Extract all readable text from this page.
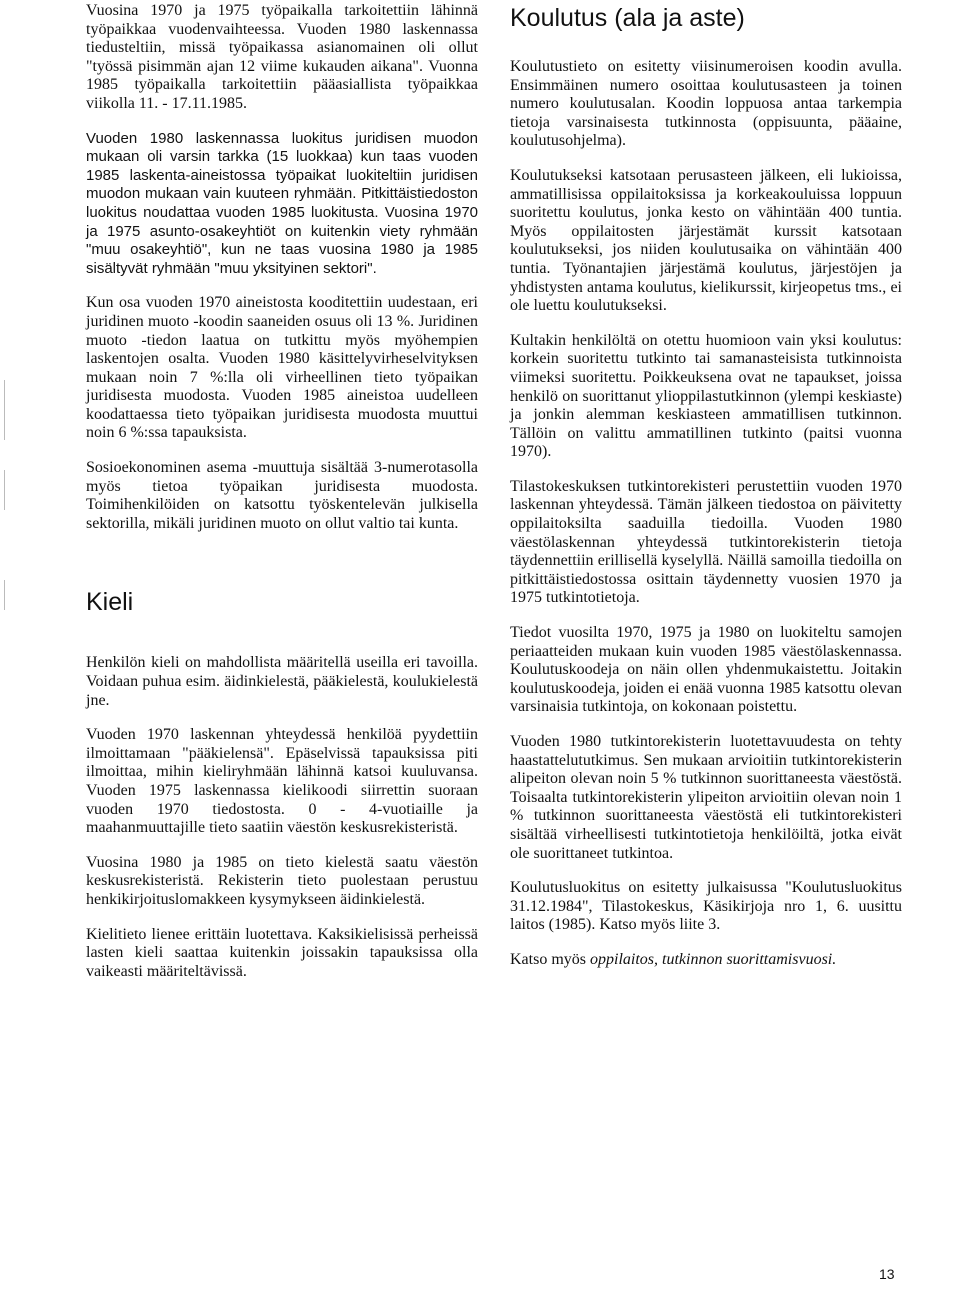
Vuosina 1970 ja 1975 työpaikalla tarkoitettiin lähinnä työpaikkaa vuodenvaihteessa. Vuoden 1980 laskennassa tiedusteltiin, missä työpaikassa asianomainen oli ollut "työssä pisimmän ajan 12 viime kukauden aikana". Vuonna 1985 työpaikalla tarkoitettiin pääasiallista työpaikkaa viikolla 11. - 17.11.1985.

Vuoden 1980 laskennassa luokitus juridisen muodon mukaan oli varsin tarkka (15 luokkaa) kun taas vuoden 1985 laskenta-aineistossa työpaikat luokiteltiin juridisen muodon mukaan vain kuuteen ryhmään. Pitkittäistiedoston luokitus noudattaa vuoden 1985 luokitusta. Vuosina 1970 ja 1975 asunto-osakeyhtiöt on kuitenkin viety ryhmään "muu osakeyhtiö", kun ne taas vuosina 1980 ja 1985 sisältyvät ryhmään "muu yksityinen sektori".

Kun osa vuoden 1970 aineistosta kooditettiin uudestaan, eri juridinen muoto -koodin saaneiden osuus oli 13 %. Juridinen muoto -tiedon laatua on tutkittu myös myöhempien laskentojen osalta. Vuoden 1980 käsittelyvirheselvityksen mukaan noin 7 %:lla oli virheellinen tieto työpaikan juridisesta muodosta. Vuoden 1985 aineistoa uudelleen koodattaessa tieto työpaikan juridisesta muodosta muuttui noin 6 %:ssa tapauksista.

Sosioekonominen asema -muuttuja sisältää 3-numerotasolla myös tietoa työpaikan juridisesta muodosta. Toimihenkilöiden on katsottu työskentelevän julkisella sektorilla, mikäli juridinen muoto on ollut valtio tai kunta.

Kieli

Henkilön kieli on mahdollista määritellä useilla eri tavoilla. Voidaan puhua esim. äidinkielestä, pääkielestä, koulukielestä jne.

Vuoden 1970 laskennan yhteydessä henkilöä pyydettiin ilmoittamaan "pääkielensä". Epäselvissä tapauksissa piti ilmoittaa, mihin kieliryhmään lähinnä katsoi kuuluvansa. Vuoden 1975 laskennassa kielikoodi siirrettin suoraan vuoden 1970 tiedostosta. 0 - 4-vuotiaille ja maahanmuuttajille tieto saatiin väestön keskusrekisteristä.

Vuosina 1980 ja 1985 on tieto kielestä saatu väestön keskusrekisteristä. Rekisterin tieto puolestaan perustuu henkikirjoituslomakkeen kysymykseen äidinkielestä.

Kielitieto lienee erittäin luotettava. Kaksikielisissä perheissä lasten kieli saattaa kuitenkin joissakin tapauksissa olla vaikeasti määriteltävissä.

Koulutus (ala ja aste)

Koulutustieto on esitetty viisinumeroisen koodin avulla. Ensimmäinen numero osoittaa koulutusasteen ja toinen numero koulutusalan. Koodin loppuosa antaa tarkempia tietoja varsinaisesta tutkinnosta (oppisuunta, pääaine, koulutusohjelma).

Koulutukseksi katsotaan perusasteen jälkeen, eli lukioissa, ammatillisissa oppilaitoksissa ja korkeakouluissa loppuun suoritettu koulutus, jonka kesto on vähintään 400 tuntia. Myös oppilaitosten järjestämät kurssit katsotaan koulutukseksi, jos niiden koulutusaika on vähintään 400 tuntia. Työnantajien järjestämä koulutus, järjestöjen ja yhdistysten antama koulutus, kielikurssit, kirjeopetus tms., ei ole luettu koulutukseksi.

Kultakin henkilöltä on otettu huomioon vain yksi koulutus: korkein suoritettu tutkinto tai samanasteisista tutkinnoista viimeksi suoritettu. Poikkeuksena ovat ne tapaukset, joissa henkilö on suorittanut ylioppilastutkinnon (ylempi keskiaste) ja jonkin alemman keskiasteen ammatillisen tutkinnon. Tällöin on valittu ammatillinen tutkinto (paitsi vuonna 1970).

Tilastokeskuksen tutkintorekisteri perustettiin vuoden 1970 laskennan yhteydessä. Tämän jälkeen tiedostoa on päivitetty oppilaitoksilta saaduilla tiedoilla. Vuoden 1980 väestölaskennan yhteydessä tutkintorekisterin tietoja täydennettiin erillisellä kyselyllä. Näillä samoilla tiedoilla on pitkittäistiedostossa osittain täydennetty vuosien 1970 ja 1975 tutkintotietoja.

Tiedot vuosilta 1970, 1975 ja 1980 on luokiteltu samojen periaatteiden mukaan kuin vuoden 1985 väestölaskennassa. Koulutuskoodeja on näin ollen yhdenmukaistettu. Joitakin koulutuskoodeja, joiden ei enää vuonna 1985 katsottu olevan varsinaisia tutkintoja, on kokonaan poistettu.

Vuoden 1980 tutkintorekisterin luotettavuudesta on tehty haastattelututkimus. Sen mukaan arvioitiin tutkintorekisterin alipeiton olevan noin 5 % tutkinnon suorittaneesta väestöstä. Toisaalta tutkintorekisterin ylipeiton arvioitiin olevan noin 1 % tutkinnon suorittaneesta väestöstä eli tutkintorekisteri sisältää virheellisesti tutkintotietoja henkilöiltä, jotka eivät ole suorittaneet tutkintoa.

Koulutusluokitus on esitetty julkaisussa "Koulutusluokitus 31.12.1984", Tilastokeskus, Käsikirjoja nro 1, 6. uusittu laitos (1985). Katso myös liite 3.

Katso myös oppilaitos, tutkinnon suorittamisvuosi.

13
